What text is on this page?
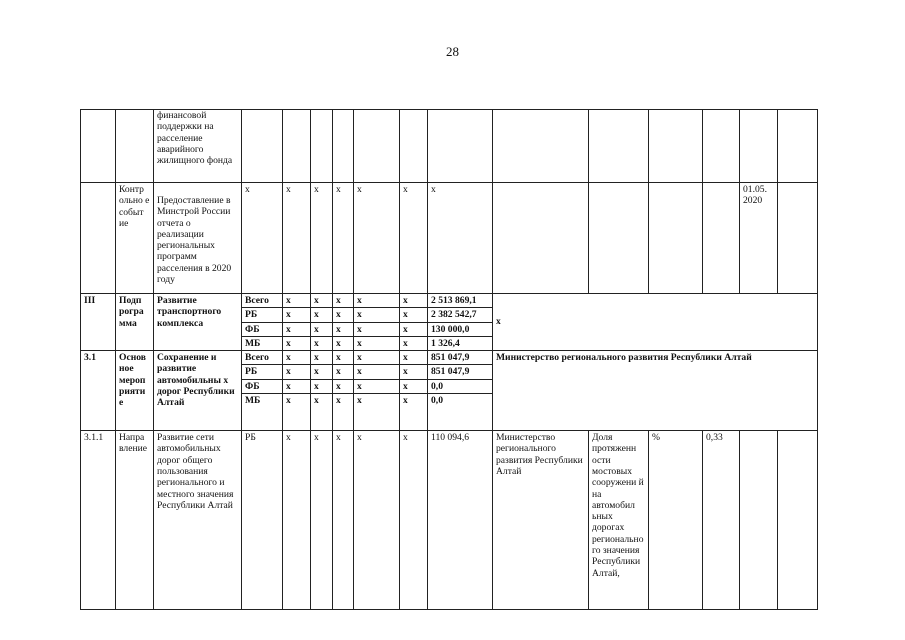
28
		финансовой поддержки на расселение аварийного жилищного фонда													
	Контр ольно е событ ие	Предоставление в Минстрой России отчета о реализации региональных программ расселения в 2020 году	x	x	x	x	x	x	x					01.05. 2020	
III	Подп рогра мма	Развитие транспортного комплекса	Всего	x	x	x	x	x	2 513 869,1	x					
			РБ	x	x	x	x	x	2 382 542,7						
			ФБ	x	x	x	x	x	130 000,0						
			МБ	x	x	x	x	x	1 326,4						
3.1	Основ ное мероп рияти е	Сохранение и развитие автомобильны х дорог Республики Алтай	Всего	x	x	x	x	x	851 047,9	Министерство регионального развития Республики Алтай					
			РБ	x	x	x	x	x	851 047,9						
			ФБ	x	x	x	x	x	0,0						
			МБ	x	x	x	x	x	0,0						
3.1.1	Напра вление	Развитие сети автомобильных дорог общего пользования регионального и местного значения Республики Алтай	РБ	x	x	x	x	x	110 094,6	Министерство регионального развития Республики Алтай	Доля протяженн ости мостовых сооружени й на автомобил ьных дорогах регионально го значения Республики Алтай,	%	0,33		
